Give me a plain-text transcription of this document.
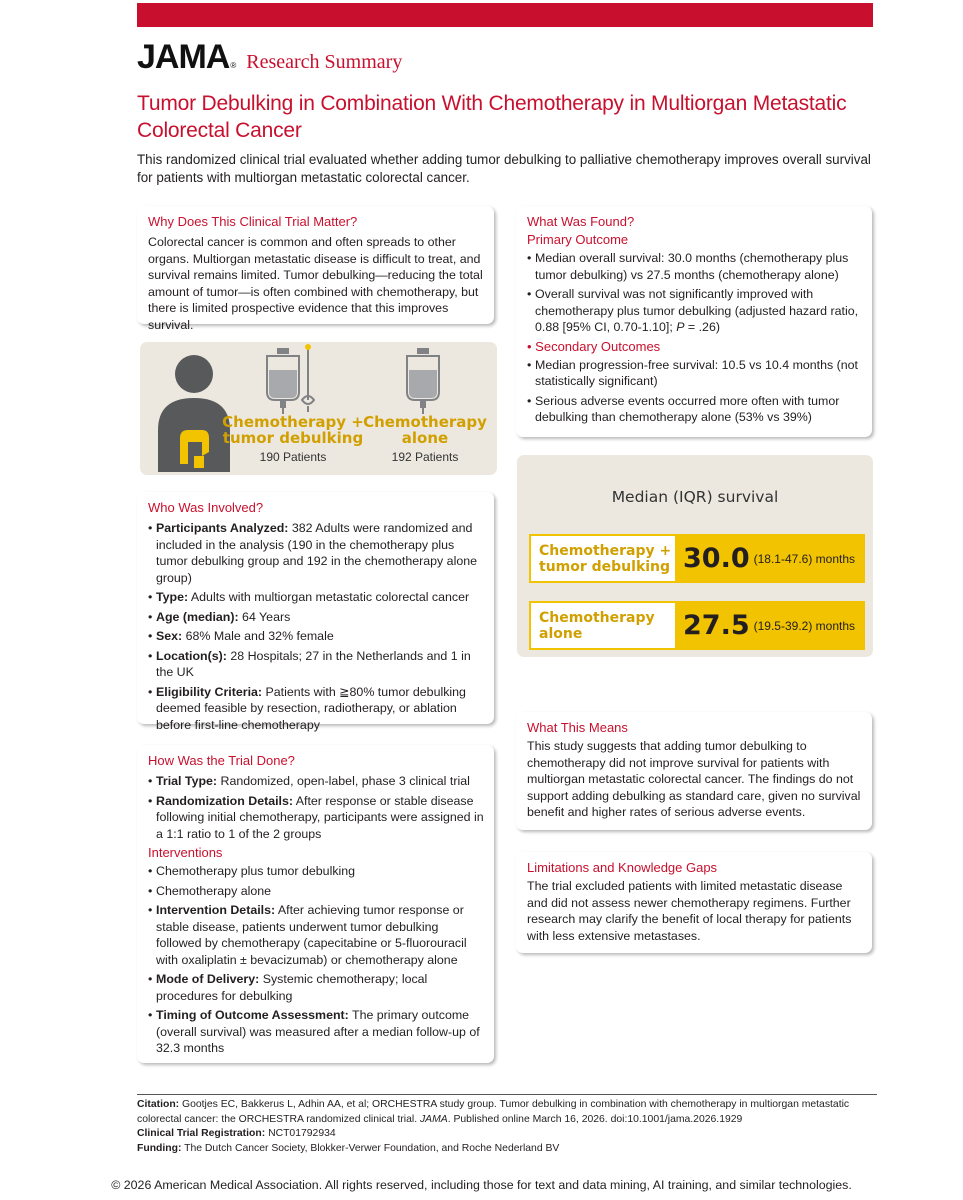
JAMA ® Research Summary
Tumor Debulking in Combination With Chemotherapy in Multiorgan Metastatic Colorectal Cancer

This randomized clinical trial evaluated whether adding tumor debulking to palliative chemotherapy improves overall survival for patients with multiorgan metastatic colorectal cancer.

Why Does This Clinical Trial Matter?

Colorectal cancer is common and often spreads to other organs. Multiorgan metastatic disease is difficult to treat, and survival remains limited. Tumor debulking—reducing the total amount of tumor—is often combined with chemotherapy, but there is limited prospective evidence that this improves survival.

Chemotherapy +
tumor debulking
190 Patients
Chemotherapy
alone
192 Patients
Who Was Involved?
• Participants Analyzed: 382 Adults were randomized and included in the analysis (190 in the chemotherapy plus tumor debulking group and 192 in the chemotherapy alone group)
• Type: Adults with multiorgan metastatic colorectal cancer
• Age (median): 64 Years
• Sex: 68% Male and 32% female
• Location(s): 28 Hospitals; 27 in the Netherlands and 1 in the UK
• Eligibility Criteria: Patients with ≧80% tumor debulking deemed feasible by resection, radiotherapy, or ablation before first-line chemotherapy
How Was the Trial Done?
• Trial Type: Randomized, open-label, phase 3 clinical trial
• Randomization Details: After response or stable disease following initial chemotherapy, participants were assigned in a 1:1 ratio to 1 of the 2 groups
Interventions
• Chemotherapy plus tumor debulking
• Chemotherapy alone
• Intervention Details: After achieving tumor response or stable disease, patients underwent tumor debulking followed by chemotherapy (capecitabine or 5-fluorouracil with oxaliplatin ± bevacizumab) or chemotherapy alone
• Mode of Delivery: Systemic chemotherapy; local procedures for debulking
• Timing of Outcome Assessment: The primary outcome (overall survival) was measured after a median follow-up of 32.3 months
What Was Found?
Primary Outcome
• Median overall survival: 30.0 months (chemotherapy plus tumor debulking) vs 27.5 months (chemotherapy alone)
• Overall survival was not significantly improved with chemotherapy plus tumor debulking (adjusted hazard ratio, 0.88 [95% CI, 0.70-1.10]; P = .26)
• Secondary Outcomes
• Median progression-free survival: 10.5 vs 10.4 months (not statistically significant)
• Serious adverse events occurred more often with tumor debulking than chemotherapy alone (53% vs 39%)
Median (IQR) survival
Chemotherapy +
tumor debulking 30.0 (18.1-47.6) months
Chemotherapy
alone	27.5 (19.5-39.2) months
What This Means

This study suggests that adding tumor debulking to chemotherapy did not improve survival for patients with multiorgan metastatic colorectal cancer. The findings do not support adding debulking as standard care, given no survival benefit and higher rates of serious adverse events.

Limitations and Knowledge Gaps

The trial excluded patients with limited metastatic disease and did not assess newer chemotherapy regimens. Further research may clarify the benefit of local therapy for patients with less extensive metastases.

Citation: Gootjes EC, Bakkerus L, Adhin AA, et al; ORCHESTRA study group. Tumor debulking in combination with chemotherapy in multiorgan metastatic colorectal cancer: the ORCHESTRA randomized clinical trial. JAMA. Published online March 16, 2026. doi:10.1001/jama.2026.1929

Clinical Trial Registration: NCT01792934

Funding: The Dutch Cancer Society, Blokker-Verwer Foundation, and Roche Nederland BV

© 2026 American Medical Association. All rights reserved, including those for text and data mining, AI training, and similar technologies.
